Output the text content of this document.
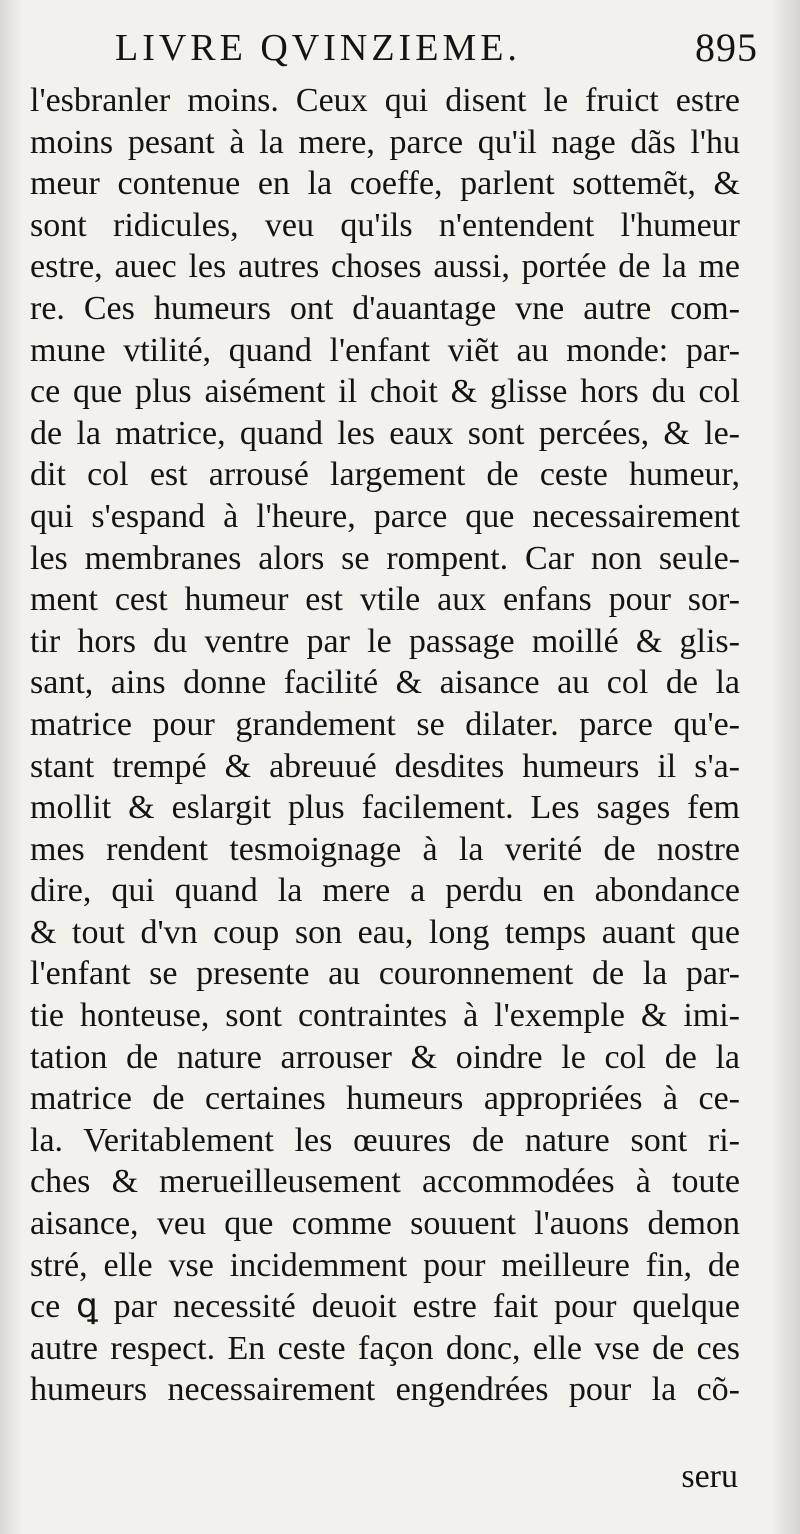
LIVRE QVINZIEME.	895
l'esbranler moins. Ceux qui disent le fruict estre
moins pesant à la mere, parce qu'il nage dãs l'hu
meur contenue en la coeffe, parlent sottemẽt, &
sont ridicules, veu qu'ils n'entendent l'humeur
estre, auec les autres choses aussi, portée de la me
re. Ces humeurs ont d'auantage vne autre com-
mune vtilité, quand l'enfant viẽt au monde: par-
ce que plus aisément il choit & glisse hors du col
de la matrice, quand les eaux sont percées, & le-
dit col est arrousé largement de ceste humeur,
qui s'espand à l'heure, parce que necessairement
les membranes alors se rompent. Car non seule-
ment cest humeur est vtile aux enfans pour sor-
tir hors du ventre par le passage moillé & glis-
sant, ains donne facilité & aisance au col de la
matrice pour grandement se dilater. parce qu'e-
stant trempé & abreuué desdites humeurs il s'a-
mollit & eslargit plus facilement. Les sages fem
mes rendent tesmoignage à la verité de nostre
dire, qui quand la mere a perdu en abondance
& tout d'vn coup son eau, long temps auant que
l'enfant se presente au couronnement de la par-
tie honteuse, sont contraintes à l'exemple & imi-
tation de nature arrouser & oindre le col de la
matrice de certaines humeurs appropriées à ce-
la. Veritablement les œuures de nature sont ri-
ches & merueilleusement accommodées à toute
aisance, veu que comme souuent l'auons demon
stré, elle vse incidemment pour meilleure fin, de
ce ꝗ par necessité deuoit estre fait pour quelque
autre respect. En ceste façon donc, elle vse de ces
humeurs necessairement engendrées pour la cõ-
seru
